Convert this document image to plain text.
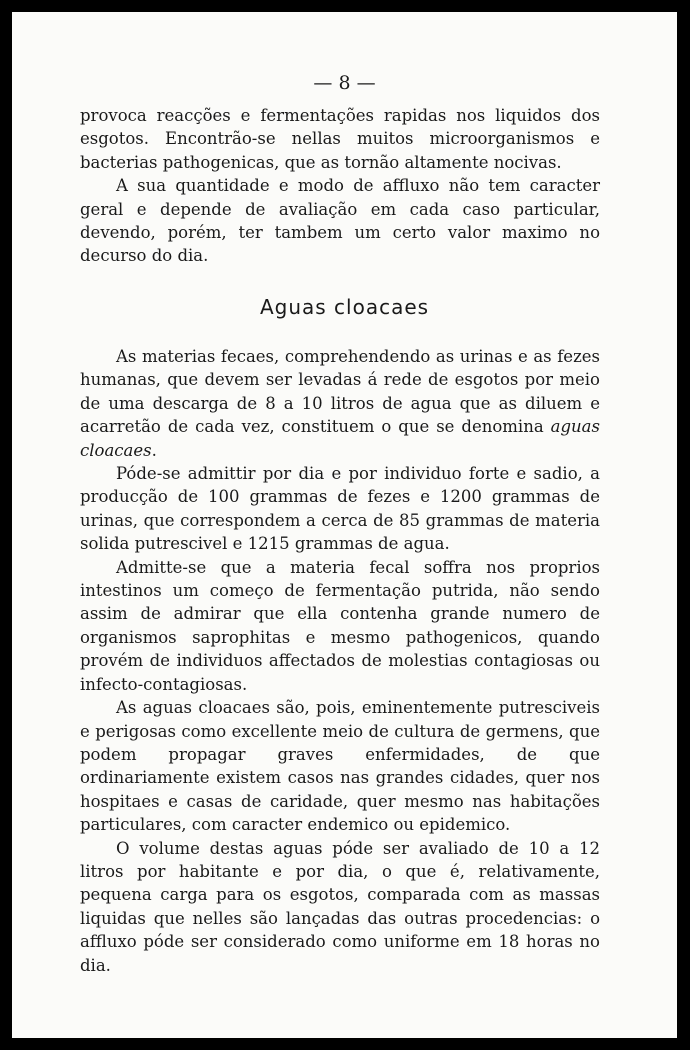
— 8 —

provoca reacções e fermentações rapidas nos liquidos dos esgotos. Encontrão-se nellas muitos microorganismos e bacterias pathogenicas, que as tornão altamente nocivas.

A sua quantidade e modo de affluxo não tem caracter geral e depende de avaliação em cada caso particular, devendo, porém, ter tambem um certo valor maximo no decurso do dia.

Aguas cloacaes

As materias fecaes, comprehendendo as urinas e as fezes humanas, que devem ser levadas á rede de esgotos por meio de uma descarga de 8 a 10 litros de agua que as diluem e acarretão de cada vez, constituem o que se denomina aguas cloacaes.

Póde-se admittir por dia e por individuo forte e sadio, a producção de 100 grammas de fezes e 1200 grammas de urinas, que correspondem a cerca de 85 grammas de materia solida putrescivel e 1215 grammas de agua.

Admitte-se que a materia fecal soffra nos proprios intestinos um começo de fermentação putrida, não sendo assim de admirar que ella contenha grande numero de organismos saprophitas e mesmo pathogenicos, quando provém de individuos affectados de molestias contagiosas ou infecto-contagiosas.

As aguas cloacaes são, pois, eminentemente putresciveis e perigosas como excellente meio de cultura de germens, que podem propagar graves enfermidades, de que ordinariamente existem casos nas grandes cidades, quer nos hospitaes e casas de caridade, quer mesmo nas habitações particulares, com caracter endemico ou epidemico.

O volume destas aguas póde ser avaliado de 10 a 12 litros por habitante e por dia, o que é, relativamente, pequena carga para os esgotos, comparada com as massas liquidas que nelles são lançadas das outras procedencias: o affluxo póde ser considerado como uniforme em 18 horas no dia.
